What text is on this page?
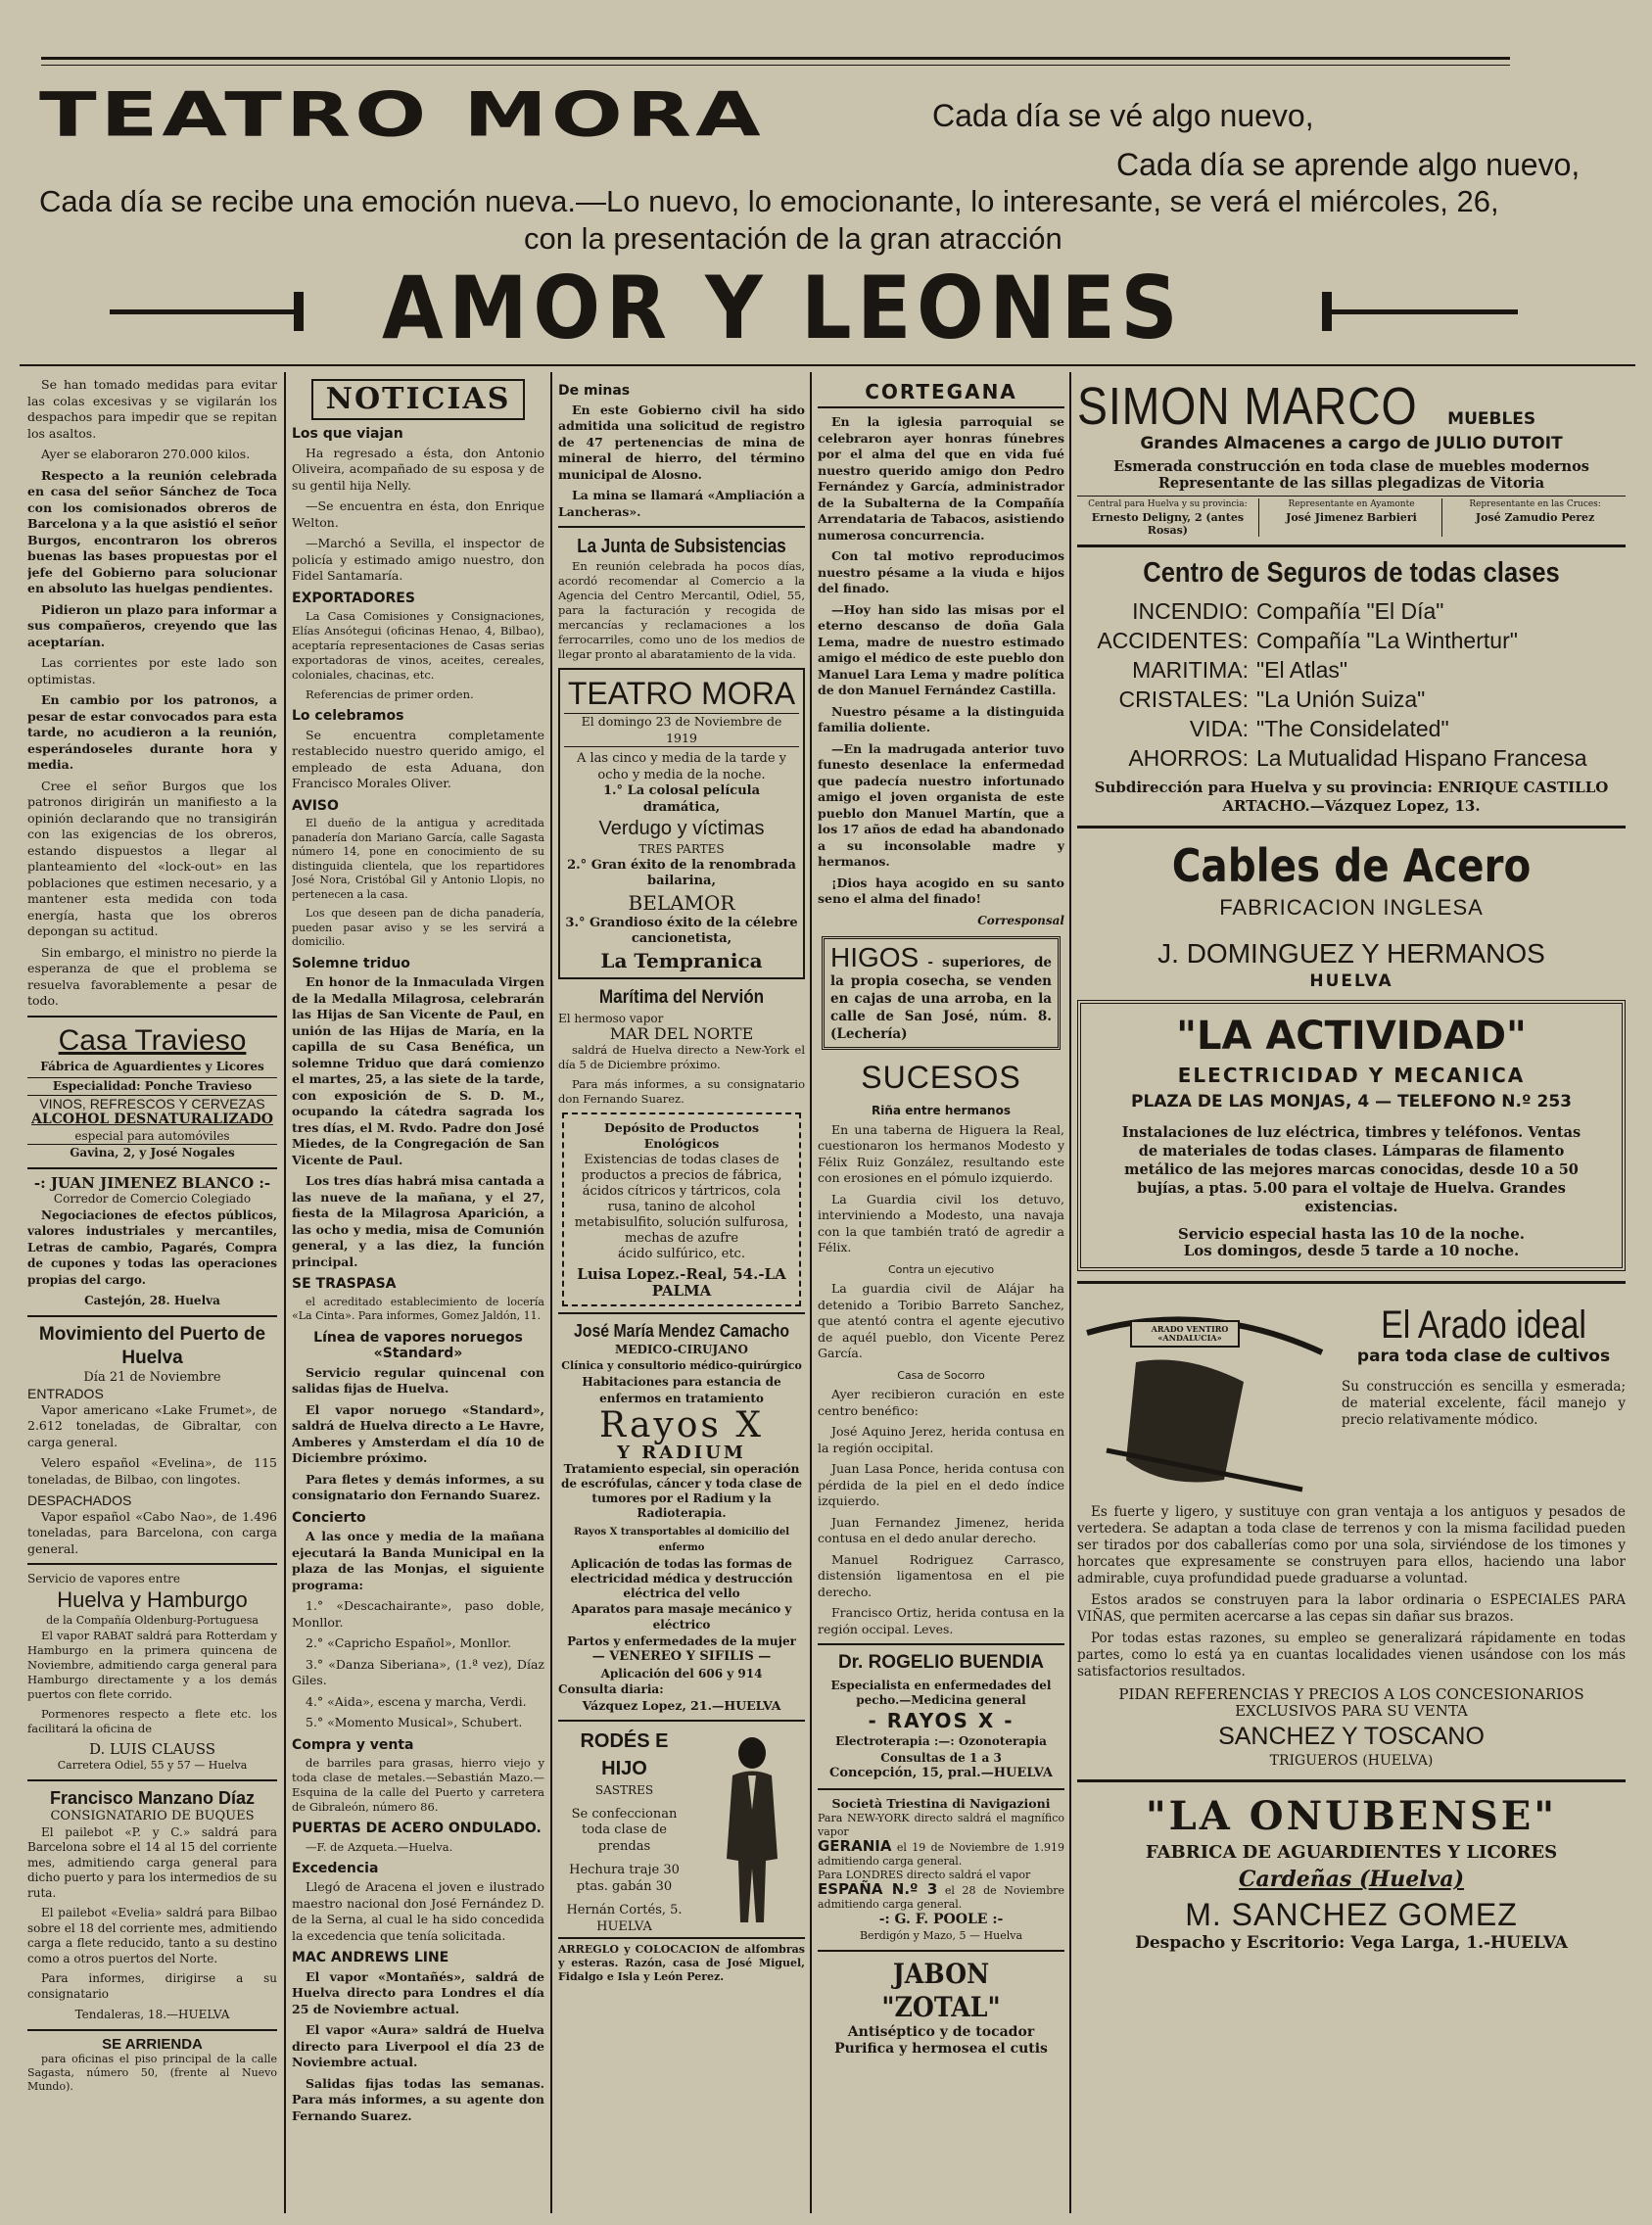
TEATRO MORA	Cada día se vé algo nuevo,
Cada día se aprende algo nuevo,
Cada día se recibe una emoción nueva.—Lo nuevo, lo emocionante, lo interesante, se verá el miércoles, 26,
con la presentación de la gran atracción
AMOR Y LEONES

Se han tomado medidas para evitar las colas excesivas y se vigilarán los despachos para impedir que se repitan los asaltos.

Ayer se elaboraron 270.000 kilos.

Respecto a la reunión celebrada en casa del señor Sánchez de Toca con los comisionados obreros de Barcelona y a la que asistió el señor Burgos, encontraron los obreros buenas las bases propuestas por el jefe del Gobierno para solucionar en absoluto las huelgas pendientes.

Pidieron un plazo para informar a sus compañeros, creyendo que las aceptarían.

Las corrientes por este lado son optimistas.

En cambio por los patronos, a pesar de estar convocados para esta tarde, no acudieron a la reunión, esperándoseles durante hora y media.

Cree el señor Burgos que los patronos dirigirán un manifiesto a la opinión declarando que no transigirán con las exigencias de los obreros, estando dispuestos a llegar al planteamiento del «lock-out» en las poblaciones que estimen necesario, y a mantener esta medida con toda energía, hasta que los obreros depongan su actitud.

Sin embargo, el ministro no pierde la esperanza de que el problema se resuelva favorablemente a pesar de todo.

Casa Travieso
Fábrica de Aguardientes y Licores
Especialidad: Ponche Travieso
VINOS, REFRESCOS Y CERVEZAS
ALCOHOL DESNATURALIZADO
especial para automóviles
Gavina, 2, y José Nogales
-: JUAN JIMENEZ BLANCO :-
Corredor de Comercio Colegiado

Negociaciones de efectos públicos, valores industriales y mercantiles, Letras de cambio, Pagarés, Compra de cupones y todas las operaciones propias del cargo.

Castejón, 28. Huelva
Movimiento del Puerto de Huelva
Día 21 de Noviembre
ENTRADOS

Vapor americano «Lake Frumet», de 2.612 toneladas, de Gibraltar, con carga general.

Velero español «Evelina», de 115 toneladas, de Bilbao, con lingotes.

DESPACHADOS

Vapor español «Cabo Nao», de 1.496 toneladas, para Barcelona, con carga general.

Servicio de vapores entre
Huelva y Hamburgo
de la Compañía Oldenburg-Portuguesa

El vapor RABAT saldrá para Rotterdam y Hamburgo en la primera quincena de Noviembre, admitiendo carga general para Hamburgo directamente y a los demás puertos con flete corrido.

Pormenores respecto a flete etc. los facilitará la oficina de

D. LUIS CLAUSS
Carretera Odiel, 55 y 57 — Huelva
Francisco Manzano Díaz
CONSIGNATARIO DE BUQUES

El pailebot «P. y C.» saldrá para Barcelona sobre el 14 al 15 del corriente mes, admitiendo carga general para dicho puerto y para los intermedios de su ruta.

El pailebot «Evelia» saldrá para Bilbao sobre el 18 del corriente mes, admitiendo carga a flete reducido, tanto a su destino como a otros puertos del Norte.

Para informes, dirigirse a su consignatario

Tendaleras, 18.—HUELVA
SE ARRIENDA

para oficinas el piso principal de la calle Sagasta, número 50, (frente al Nuevo Mundo).

NOTICIAS
Los que viajan

Ha regresado a ésta, don Antonio Oliveira, acompañado de su esposa y de su gentil hija Nelly.

—Se encuentra en ésta, don Enrique Welton.

—Marchó a Sevilla, el inspector de policía y estimado amigo nuestro, don Fidel Santamaría.

EXPORTADORES

La Casa Comisiones y Consignaciones, Elías Ansótegui (oficinas Henao, 4, Bilbao), aceptaría representaciones de Casas serias exportadoras de vinos, aceites, cereales, coloniales, chacinas, etc.

Referencias de primer orden.

Lo celebramos

Se encuentra completamente restablecido nuestro querido amigo, el empleado de esta Aduana, don Francisco Morales Oliver.

AVISO

El dueño de la antigua y acreditada panadería don Mariano García, calle Sagasta número 14, pone en conocimiento de su distinguida clientela, que los repartidores José Nora, Cristóbal Gil y Antonio Llopis, no pertenecen a la casa.

Los que deseen pan de dicha panadería, pueden pasar aviso y se les servirá a domicilio.

Solemne triduo

En honor de la Inmaculada Virgen de la Medalla Milagrosa, celebrarán las Hijas de San Vicente de Paul, en unión de las Hijas de María, en la capilla de su Casa Benéfica, un solemne Triduo que dará comienzo el martes, 25, a las siete de la tarde, con exposición de S. D. M., ocupando la cátedra sagrada los tres días, el M. Rvdo. Padre don José Miedes, de la Congregación de San Vicente de Paul.

Los tres días habrá misa cantada a las nueve de la mañana, y el 27, fiesta de la Milagrosa Aparición, a las ocho y media, misa de Comunión general, y a las diez, la función principal.

SE TRASPASA

el acreditado establecimiento de locería «La Cinta». Para informes, Gomez Jaldón, 11.

Línea de vapores noruegos «Standard»

Servicio regular quincenal con salidas fijas de Huelva.

El vapor noruego «Standard», saldrá de Huelva directo a Le Havre, Amberes y Amsterdam el día 10 de Diciembre próximo.

Para fletes y demás informes, a su consignatario don Fernando Suarez.

Concierto

A las once y media de la mañana ejecutará la Banda Municipal en la plaza de las Monjas, el siguiente programa:

1.° «Descachairante», paso doble, Monllor.

2.° «Capricho Español», Monllor.

3.° «Danza Siberiana», (1.ª vez), Díaz Giles.

4.° «Aida», escena y marcha, Verdi.

5.° «Momento Musical», Schubert.

Compra y venta

de barriles para grasas, hierro viejo y toda clase de metales.—Sebastián Mazo.—Esquina de la calle del Puerto y carretera de Gibraleón, número 86.

PUERTAS DE ACERO ONDULADO.

—F. de Azqueta.—Huelva.

Excedencia

Llegó de Aracena el joven e ilustrado maestro nacional don José Fernández D. de la Serna, al cual le ha sido concedida la excedencia que tenía solicitada.

MAC ANDREWS LINE

El vapor «Montañés», saldrá de Huelva directo para Londres el día 25 de Noviembre actual.

El vapor «Aura» saldrá de Huelva directo para Liverpool el día 23 de Noviembre actual.

Salidas fijas todas las semanas. Para más informes, a su agente don Fernando Suarez.

De minas

En este Gobierno civil ha sido admitida una solicitud de registro de 47 pertenencias de mina de mineral de hierro, del término municipal de Alosno.

La mina se llamará «Ampliación a Lancheras».

La Junta de Subsistencias

En reunión celebrada ha pocos días, acordó recomendar al Comercio a la Agencia del Centro Mercantil, Odiel, 55, para la facturación y recogida de mercancías y reclamaciones a los ferrocarriles, como uno de los medios de llegar pronto al abaratamiento de la vida.

TEATRO MORA
El domingo 23 de Noviembre de 1919
A las cinco y media de la tarde y ocho y media de la noche.
1.° La colosal película dramática,
Verdugo y víctimas
TRES PARTES
2.° Gran éxito de la renombrada bailarina,
BELAMOR
3.° Grandioso éxito de la célebre cancionetista,
La Tempranica
Marítima del Nervión
El hermoso vapor
MAR DEL NORTE

saldrá de Huelva directo a New-York el día 5 de Diciembre próximo.

Para más informes, a su consignatario don Fernando Suarez.

Depósito de Productos Enológicos
Existencias de todas clases de productos a precios de fábrica, ácidos cítricos y tártricos, cola rusa, tanino de alcohol metabisulfito, solución sulfurosa, mechas de azufre
ácido sulfúrico, etc.
Luisa Lopez.-Real, 54.-LA PALMA
José María Mendez Camacho
MEDICO-CIRUJANO
Clínica y consultorio médico-quirúrgico
Habitaciones para estancia de enfermos en tratamiento
Rayos X
Y RADIUM
Tratamiento especial, sin operación de escrófulas, cáncer y toda clase de tumores por el Radium y la Radioterapia.
Rayos X transportables al domicilio del enfermo
Aplicación de todas las formas de electricidad médica y destrucción eléctrica del vello
Aparatos para masaje mecánico y eléctrico
Partos y enfermedades de la mujer
— VENEREO Y SIFILIS —
Aplicación del 606 y 914
Consulta diaria:
Vázquez Lopez, 21.—HUELVA
RODÉS E HIJO
SASTRES
Se confeccionan toda clase de prendas
Hechura traje 30 ptas. gabán 30
Hernán Cortés, 5.
HUELVA

ARREGLO y COLOCACION de alfombras y esteras. Razón, casa de José Miguel, Fidalgo e Isla y León Perez.

CORTEGANA

En la iglesia parroquial se celebraron ayer honras fúnebres por el alma del que en vida fué nuestro querido amigo don Pedro Fernández y García, administrador de la Subalterna de la Compañía Arrendataria de Tabacos, asistiendo numerosa concurrencia.

Con tal motivo reproducimos nuestro pésame a la viuda e hijos del finado.

—Hoy han sido las misas por el eterno descanso de doña Gala Lema, madre de nuestro estimado amigo el médico de este pueblo don Manuel Lara Lema y madre política de don Manuel Fernández Castilla.

Nuestro pésame a la distinguida familia doliente.

—En la madrugada anterior tuvo funesto desenlace la enfermedad que padecía nuestro infortunado amigo el joven organista de este pueblo don Manuel Martín, que a los 17 años de edad ha abandonado a su inconsolable madre y hermanos.

¡Dios haya acogido en su santo seno el alma del finado!

Corresponsal
HIGOS - superiores, de la propia cosecha, se venden en cajas de una arroba, en la calle de San José, núm. 8. (Lechería)
SUCESOS
Riña entre hermanos

En una taberna de Higuera la Real, cuestionaron los hermanos Modesto y Félix Ruiz González, resultando este con erosiones en el pómulo izquierdo.

La Guardia civil los detuvo, interviniendo a Modesto, una navaja con la que también trató de agredir a Félix.

Contra un ejecutivo

La guardia civil de Alájar ha detenido a Toribio Barreto Sanchez, que atentó contra el agente ejecutivo de aquél pueblo, don Vicente Perez García.

Casa de Socorro

Ayer recibieron curación en este centro benéfico:

José Aquino Jerez, herida contusa en la región occipital.

Juan Lasa Ponce, herida contusa con pérdida de la piel en el dedo índice izquierdo.

Juan Fernandez Jimenez, herida contusa en el dedo anular derecho.

Manuel Rodriguez Carrasco, distensión ligamentosa en el pie derecho.

Francisco Ortiz, herida contusa en la región occipal. Leves.

Dr. ROGELIO BUENDIA
Especialista en enfermedades del pecho.—Medicina general
- RAYOS X -
Electroterapia :—: Ozonoterapia
Consultas de 1 a 3
Concepción, 15, pral.—HUELVA
Società Triestina di Navigazioni
Para NEW-YORK directo saldrá el magnífico vapor
GERANIA el 19 de Noviembre de 1.919 admitiendo carga general.
Para LONDRES directo saldrá el vapor
ESPAÑA N.º 3 el 28 de Noviembre admitiendo carga general.
-: G. F. POOLE :-
Berdigón y Mazo, 5 — Huelva
JABON "ZOTAL"
Antiséptico y de tocador
Purifica y hermosea el cutis
SIMON MARCO MUEBLES
Grandes Almacenes a cargo de JULIO DUTOIT
Esmerada construcción en toda clase de muebles modernos
Representante de las sillas plegadizas de Vitoria
Central para Huelva y su provincia:
Ernesto Deligny, 2 (antes Rosas)
Representante en Ayamonte
José Jimenez Barbieri
Representante en las Cruces:
José Zamudio Perez
Centro de Seguros de todas clases
INCENDIO: Compañía "El Día"
ACCIDENTES: Compañía "La Winthertur"
MARITIMA: "El Atlas"
CRISTALES: "La Unión Suiza"
VIDA: "The Considelated"
AHORROS: La Mutualidad Hispano Francesa
Subdirección para Huelva y su provincia: ENRIQUE CASTILLO ARTACHO.—Vázquez Lopez, 13.
Cables de Acero
FABRICACION INGLESA
J. DOMINGUEZ Y HERMANOS
HUELVA
"LA ACTIVIDAD"
ELECTRICIDAD Y MECANICA
PLAZA DE LAS MONJAS, 4 — TELEFONO N.º 253
Instalaciones de luz eléctrica, timbres y teléfonos. Ventas de materiales de todas clases. Lámparas de filamento metálico de las mejores marcas conocidas, desde 10 a 50 bujías, a ptas. 5.00 para el voltaje de Huelva. Grandes existencias.
Servicio especial hasta las 10 de la noche.
Los domingos, desde 5 tarde a 10 noche.
ARADO VENTIRO «ANDALUCIA»	El Arado ideal
para toda clase de cultivos
Su construcción es sencilla y esmerada; de material excelente, fácil manejo y precio relativamente módico.

Es fuerte y ligero, y sustituye con gran ventaja a los antiguos y pesados de vertedera. Se adaptan a toda clase de terrenos y con la misma facilidad pueden ser tirados por dos caballerías como por una sola, sirviéndose de los timones y horcates que expresamente se construyen para ellos, haciendo una labor admirable, cuya profundidad puede graduarse a voluntad.

Estos arados se construyen para la labor ordinaria o ESPECIALES PARA VIÑAS, que permiten acercarse a las cepas sin dañar sus brazos.

Por todas estas razones, su empleo se generalizará rápidamente en todas partes, como lo está ya en cuantas localidades vienen usándose con los más satisfactorios resultados.

PIDAN REFERENCIAS Y PRECIOS A LOS CONCESIONARIOS
EXCLUSIVOS PARA SU VENTA
SANCHEZ Y TOSCANO
TRIGUEROS (HUELVA)
"LA ONUBENSE"
FABRICA DE AGUARDIENTES Y LICORES
Cardeñas (Huelva)
M. SANCHEZ GOMEZ
Despacho y Escritorio: Vega Larga, 1.-HUELVA
